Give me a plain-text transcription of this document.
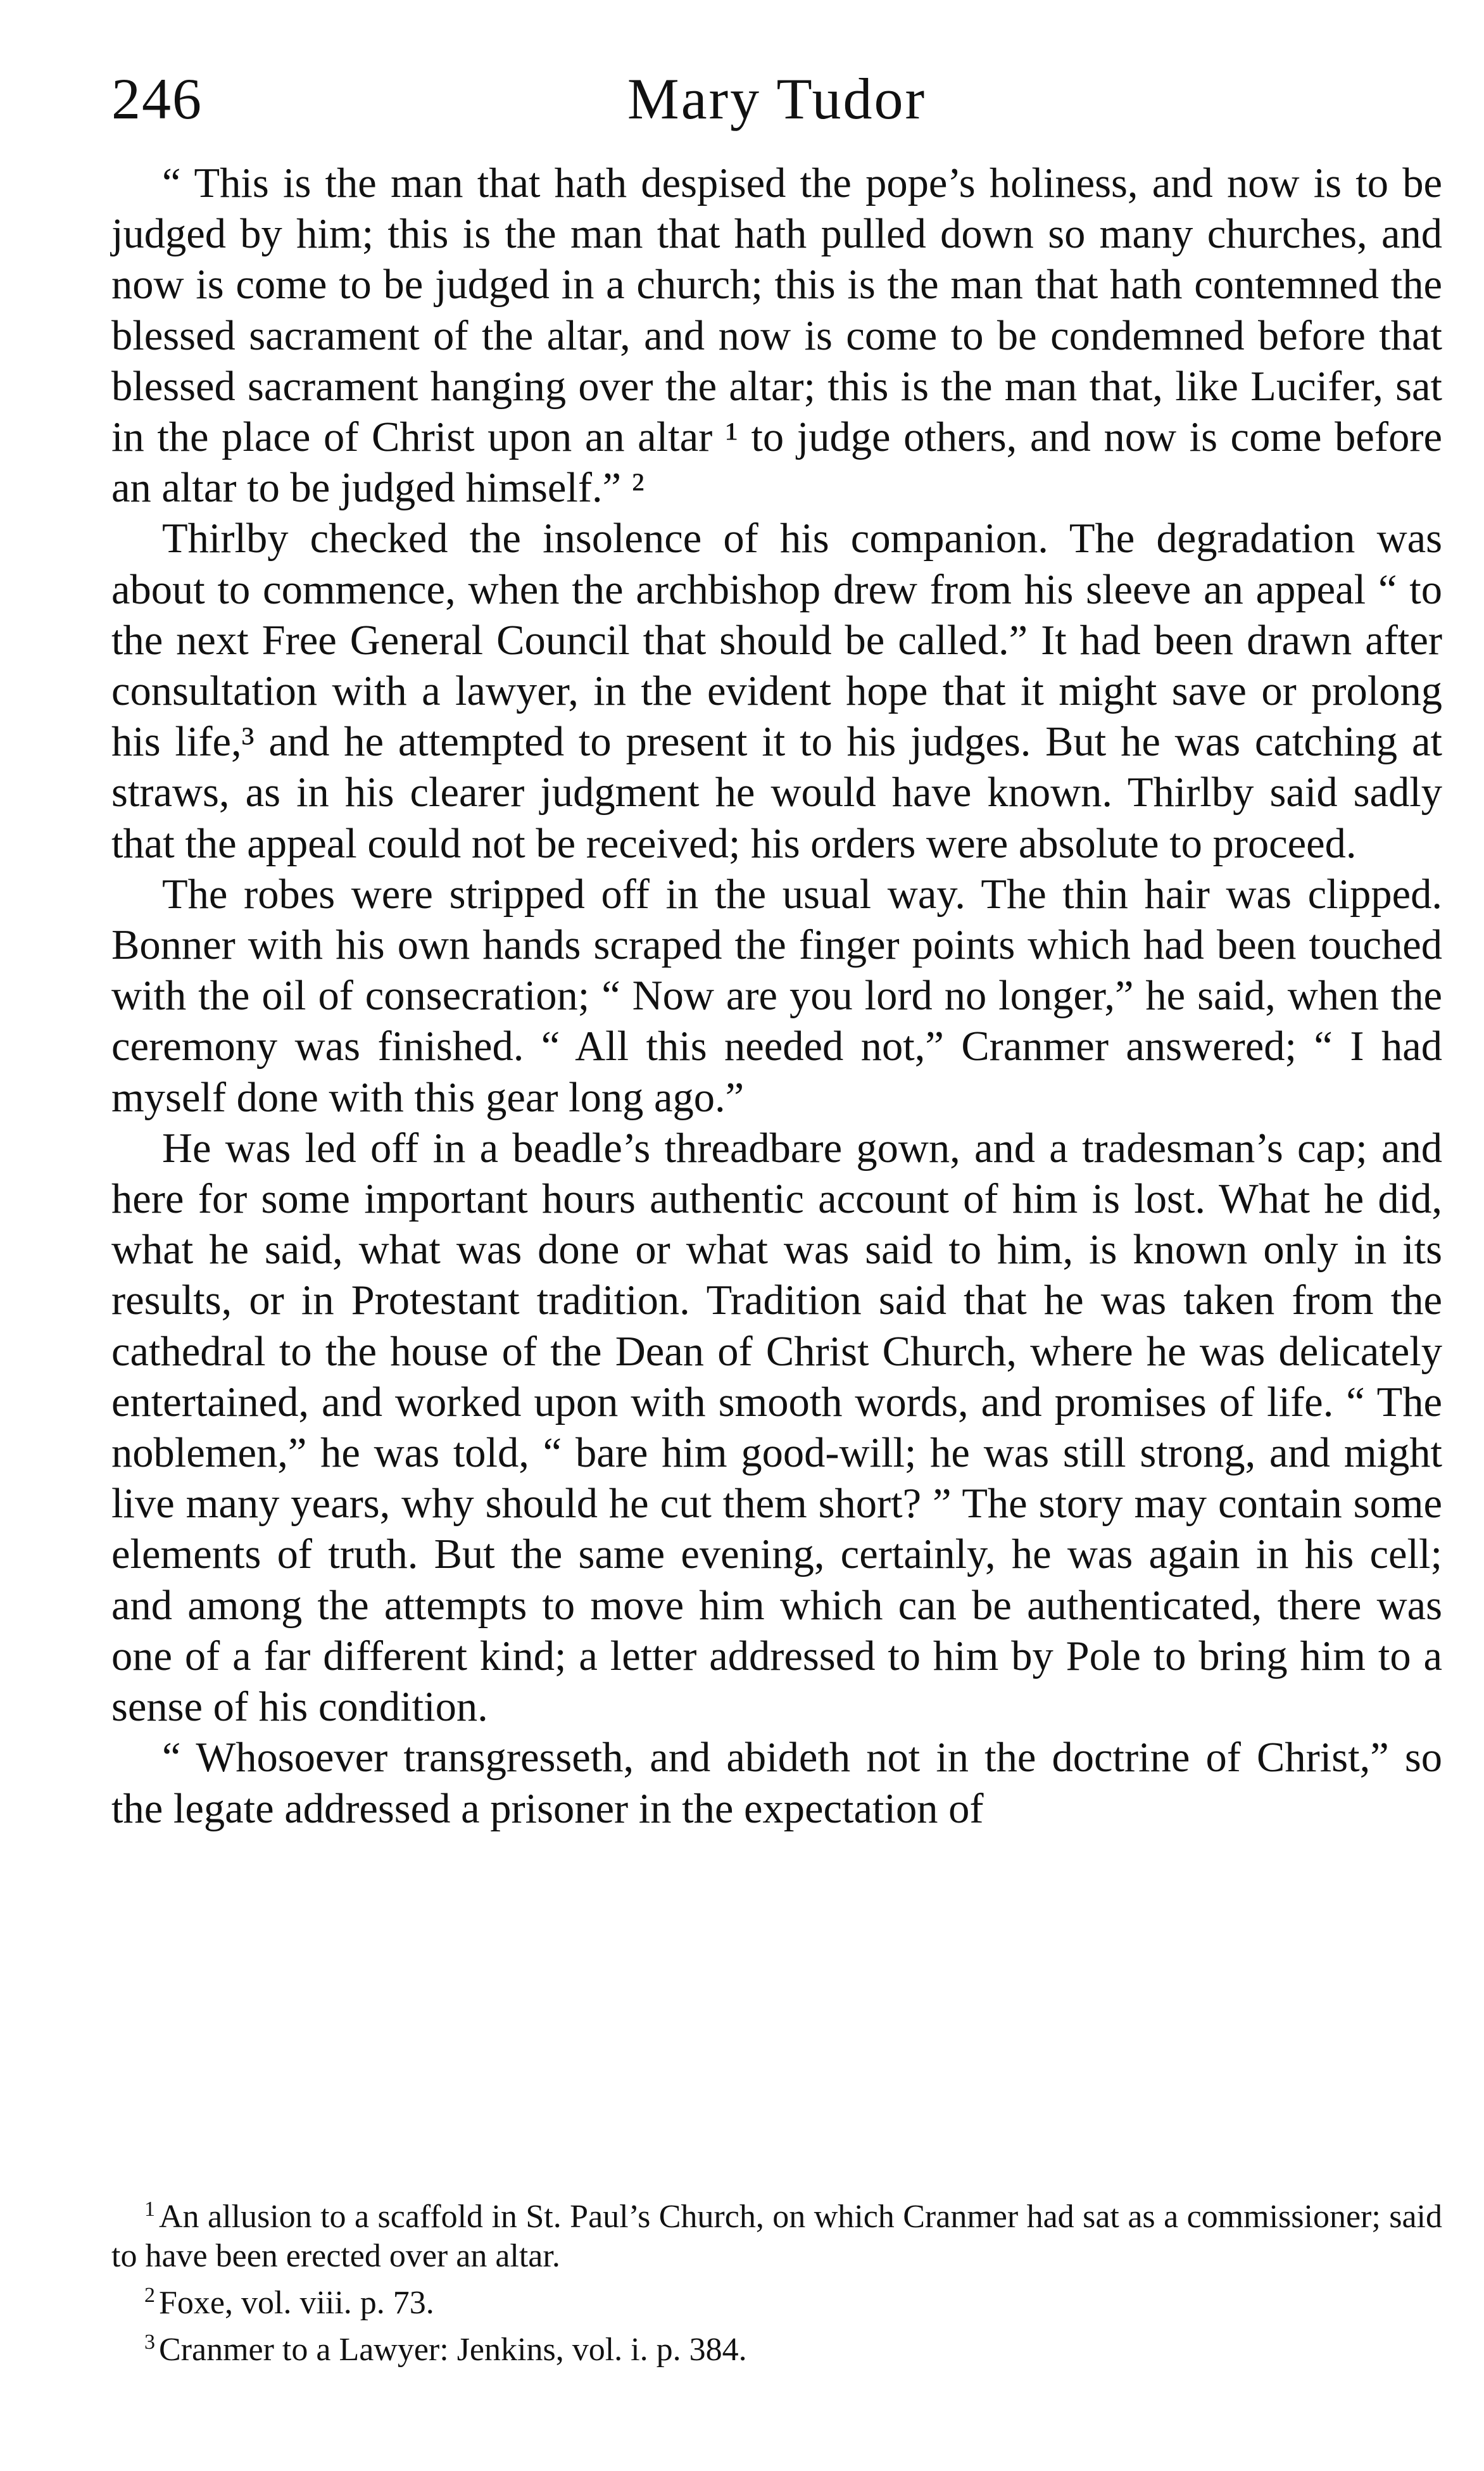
246	Mary Tudor

“ This is the man that hath despised the pope’s holiness, and now is to be judged by him; this is the man that hath pulled down so many churches, and now is come to be judged in a church; this is the man that hath contemned the blessed sacrament of the altar, and now is come to be condemned before that blessed sacrament hanging over the altar; this is the man that, like Lucifer, sat in the place of Christ upon an altar ¹ to judge others, and now is come before an altar to be judged himself.” ²

Thirlby checked the insolence of his companion. The degradation was about to commence, when the archbishop drew from his sleeve an appeal “ to the next Free General Council that should be called.” It had been drawn after consultation with a lawyer, in the evident hope that it might save or prolong his life,³ and he attempted to present it to his judges. But he was catching at straws, as in his clearer judgment he would have known. Thirlby said sadly that the appeal could not be received; his orders were absolute to proceed.

The robes were stripped off in the usual way. The thin hair was clipped. Bonner with his own hands scraped the finger points which had been touched with the oil of consecration; “ Now are you lord no longer,” he said, when the ceremony was finished. “ All this needed not,” Cranmer answered; “ I had myself done with this gear long ago.”

He was led off in a beadle’s threadbare gown, and a tradesman’s cap; and here for some important hours authentic account of him is lost. What he did, what he said, what was done or what was said to him, is known only in its results, or in Protestant tradition. Tradition said that he was taken from the cathedral to the house of the Dean of Christ Church, where he was delicately entertained, and worked upon with smooth words, and promises of life. “ The noblemen,” he was told, “ bare him good-will; he was still strong, and might live many years, why should he cut them short? ” The story may contain some elements of truth. But the same evening, certainly, he was again in his cell; and among the attempts to move him which can be authenticated, there was one of a far different kind; a letter addressed to him by Pole to bring him to a sense of his condition.

“ Whosoever transgresseth, and abideth not in the doctrine of Christ,” so the legate addressed a prisoner in the expectation of

$^1$ An allusion to a scaffold in St. Paul’s Church, on which Cranmer had sat as a commissioner; said to have been erected over an altar.

$^2$ Foxe, vol. viii. p. 73.

$^3$ Cranmer to a Lawyer: Jenkins, vol. i. p. 384.
